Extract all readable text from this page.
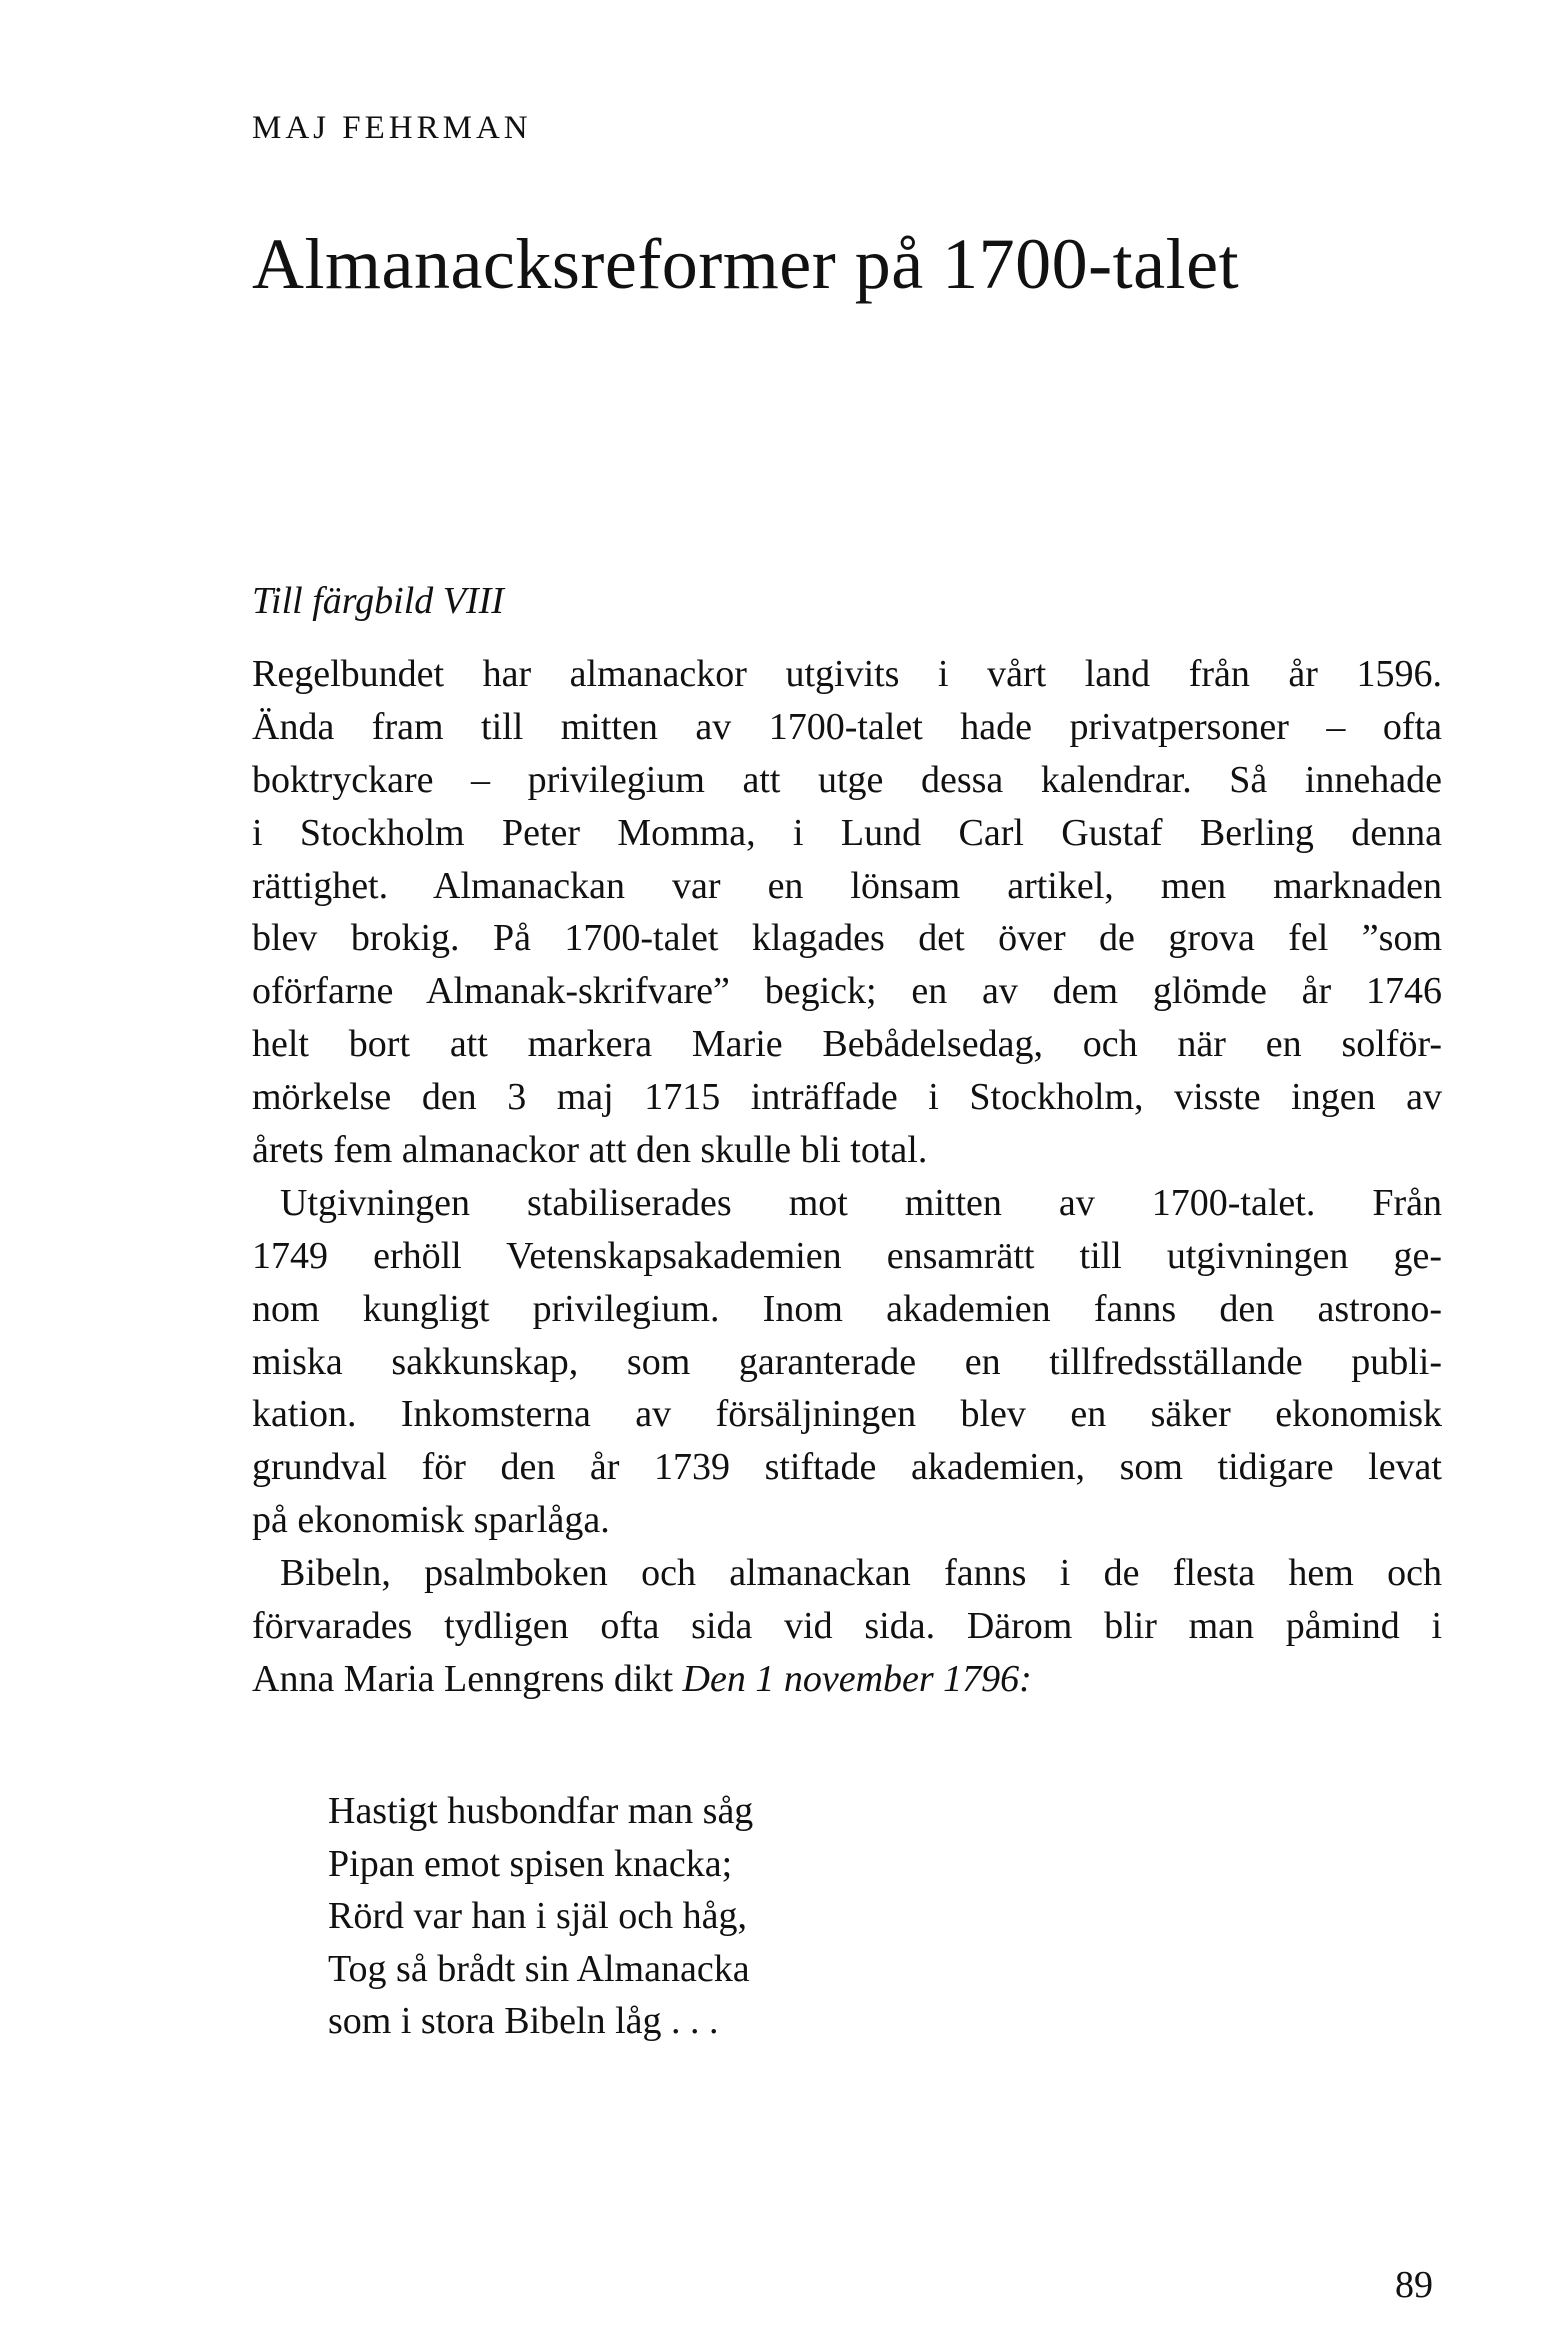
MAJ FEHRMAN
Almanacksreformer på 1700-talet
Till färgbild VIII
Regelbundet har almanackor utgivits i vårt land från år 1596.
Ända fram till mitten av 1700-talet hade privatpersoner – ofta
boktryckare – privilegium att utge dessa kalendrar. Så innehade
i Stockholm Peter Momma, i Lund Carl Gustaf Berling denna
rättighet. Almanackan var en lönsam artikel, men marknaden
blev brokig. På 1700-talet klagades det över de grova fel ”som
oförfarne Almanak-skrifvare” begick; en av dem glömde år 1746
helt bort att markera Marie Bebådelsedag, och när en solför-
mörkelse den 3 maj 1715 inträffade i Stockholm, visste ingen av
årets fem almanackor att den skulle bli total.
Utgivningen stabiliserades mot mitten av 1700-talet. Från
1749 erhöll Vetenskapsakademien ensamrätt till utgivningen ge-
nom kungligt privilegium. Inom akademien fanns den astrono-
miska sakkunskap, som garanterade en tillfredsställande publi-
kation. Inkomsterna av försäljningen blev en säker ekonomisk
grundval för den år 1739 stiftade akademien, som tidigare levat
på ekonomisk sparlåga.
Bibeln, psalmboken och almanackan fanns i de flesta hem och
förvarades tydligen ofta sida vid sida. Därom blir man påmind i
Anna Maria Lenngrens dikt Den 1 november 1796:
Hastigt husbondfar man såg
Pipan emot spisen knacka;
Rörd var han i själ och håg,
Tog så brådt sin Almanacka
som i stora Bibeln låg . . .
89
